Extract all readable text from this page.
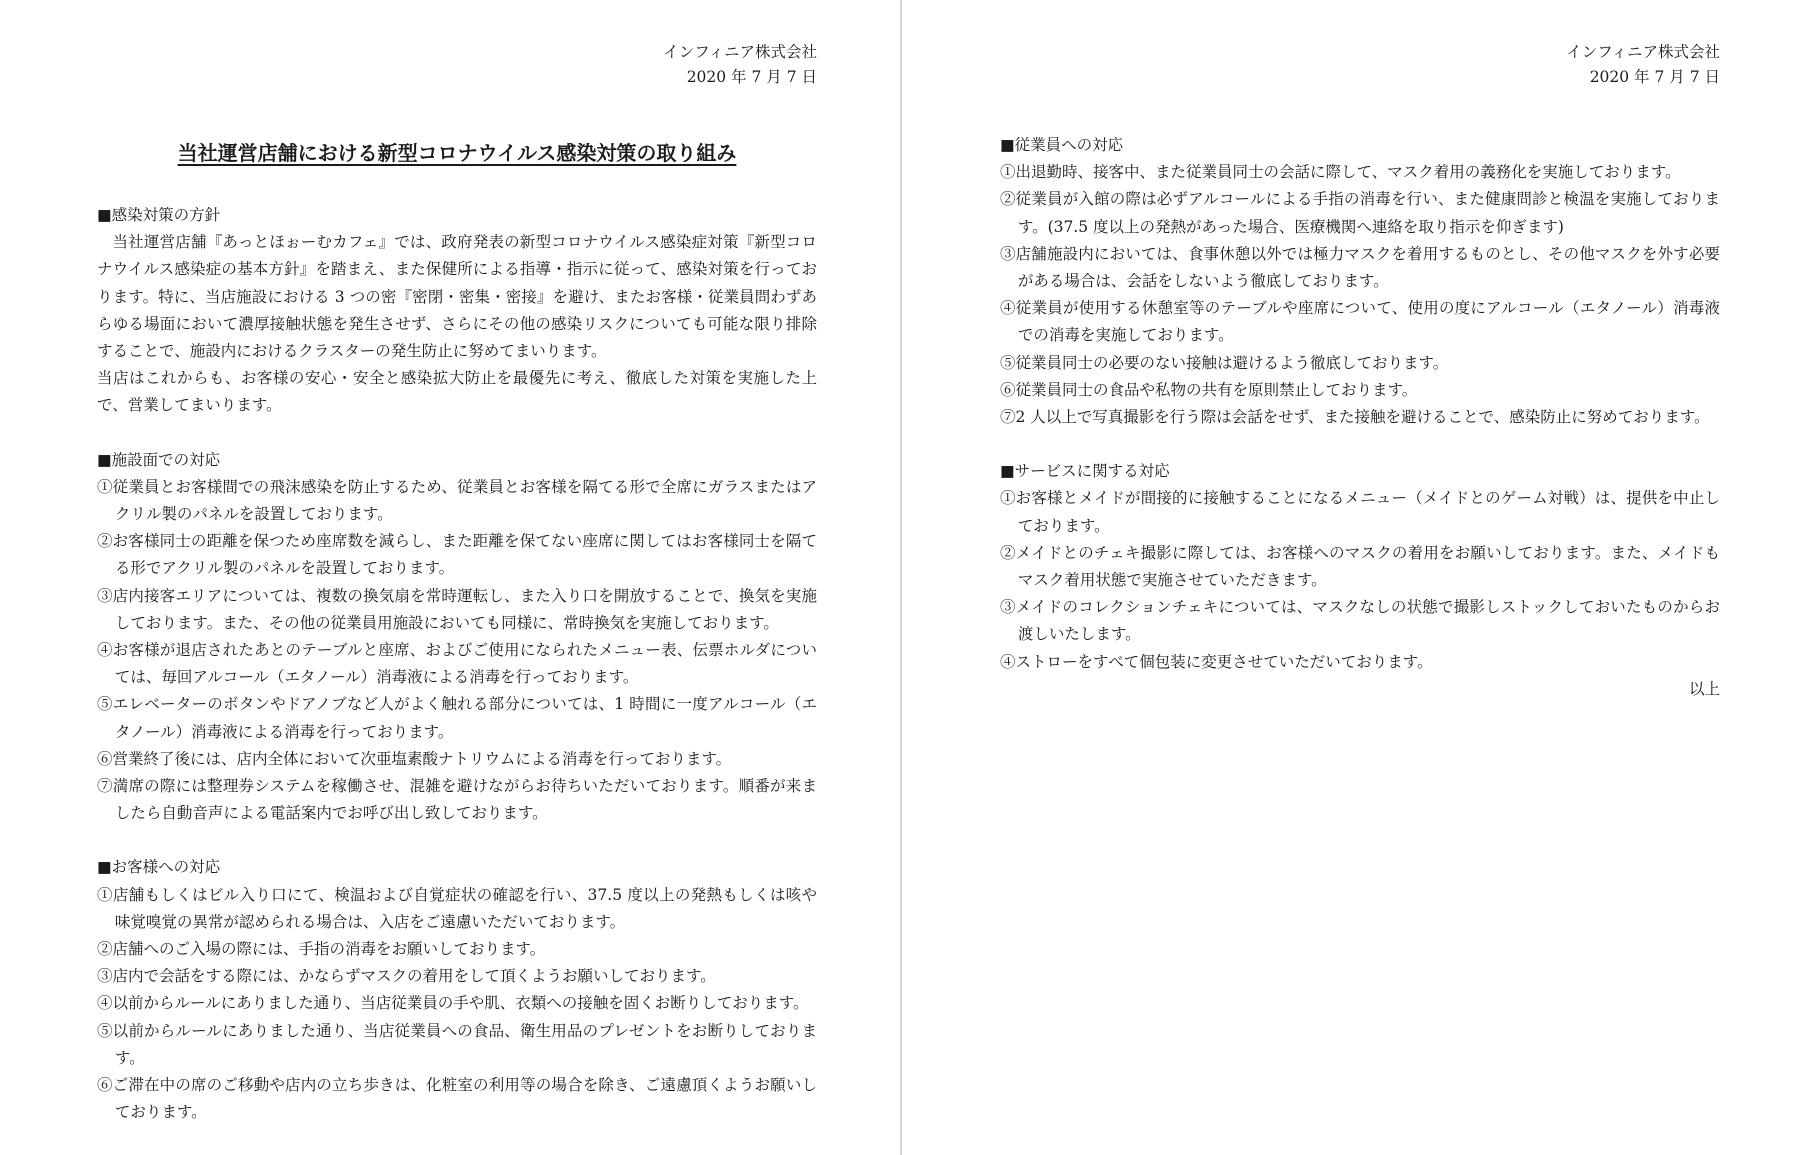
インフィニア株式会社
2020 年 7 月 7 日
当社運営店舗における新型コロナウイルス感染対策の取り組み

■感染対策の方針

当社運営店舗『あっとほぉーむカフェ』では、政府発表の新型コロナウイルス感染症対策『新型コロナウイルス感染症の基本方針』を踏まえ、また保健所による指導・指示に従って、感染対策を行っております。特に、当店施設における 3 つの密『密閉・密集・密接』を避け、またお客様・従業員問わずあらゆる場面において濃厚接触状態を発生させず、さらにその他の感染リスクについても可能な限り排除することで、施設内におけるクラスターの発生防止に努めてまいります。

当店はこれからも、お客様の安心・安全と感染拡大防止を最優先に考え、徹底した対策を実施した上で、営業してまいります。

■施設面での対応

①従業員とお客様間での飛沫感染を防止するため、従業員とお客様を隔てる形で全席にガラスまたはアクリル製のパネルを設置しております。

②お客様同士の距離を保つため座席数を減らし、また距離を保てない座席に関してはお客様同士を隔てる形でアクリル製のパネルを設置しております。

③店内接客エリアについては、複数の換気扇を常時運転し、また入り口を開放することで、換気を実施しております。また、その他の従業員用施設においても同様に、常時換気を実施しております。

④お客様が退店されたあとのテーブルと座席、およびご使用になられたメニュー表、伝票ホルダについては、毎回アルコール（エタノール）消毒液による消毒を行っております。

⑤エレベーターのボタンやドアノブなど人がよく触れる部分については、1 時間に一度アルコール（エタノール）消毒液による消毒を行っております。

⑥営業終了後には、店内全体において次亜塩素酸ナトリウムによる消毒を行っております。

⑦満席の際には整理券システムを稼働させ、混雑を避けながらお待ちいただいております。順番が来ましたら自動音声による電話案内でお呼び出し致しております。

■お客様への対応

①店舗もしくはビル入り口にて、検温および自覚症状の確認を行い、37.5 度以上の発熱もしくは咳や味覚嗅覚の異常が認められる場合は、入店をご遠慮いただいております。

②店舗へのご入場の際には、手指の消毒をお願いしております。

③店内で会話をする際には、かならずマスクの着用をして頂くようお願いしております。

④以前からルールにありました通り、当店従業員の手や肌、衣類への接触を固くお断りしております。

⑤以前からルールにありました通り、当店従業員への食品、衛生用品のプレゼントをお断りしております。

⑥ご滞在中の席のご移動や店内の立ち歩きは、化粧室の利用等の場合を除き、ご遠慮頂くようお願いしております。

インフィニア株式会社
2020 年 7 月 7 日

■従業員への対応

①出退勤時、接客中、また従業員同士の会話に際して、マスク着用の義務化を実施しております。

②従業員が入館の際は必ずアルコールによる手指の消毒を行い、また健康問診と検温を実施しております。(37.5 度以上の発熱があった場合、医療機関へ連絡を取り指示を仰ぎます)

③店舗施設内においては、食事休憩以外では極力マスクを着用するものとし、その他マスクを外す必要がある場合は、会話をしないよう徹底しております。

④従業員が使用する休憩室等のテーブルや座席について、使用の度にアルコール（エタノール）消毒液での消毒を実施しております。

⑤従業員同士の必要のない接触は避けるよう徹底しております。

⑥従業員同士の食品や私物の共有を原則禁止しております。

⑦2 人以上で写真撮影を行う際は会話をせず、また接触を避けることで、感染防止に努めております。

■サービスに関する対応

①お客様とメイドが間接的に接触することになるメニュー（メイドとのゲーム対戦）は、提供を中止しております。

②メイドとのチェキ撮影に際しては、お客様へのマスクの着用をお願いしております。また、メイドもマスク着用状態で実施させていただきます。

③メイドのコレクションチェキについては、マスクなしの状態で撮影しストックしておいたものからお渡しいたします。

④ストローをすべて個包装に変更させていただいております。

以上
